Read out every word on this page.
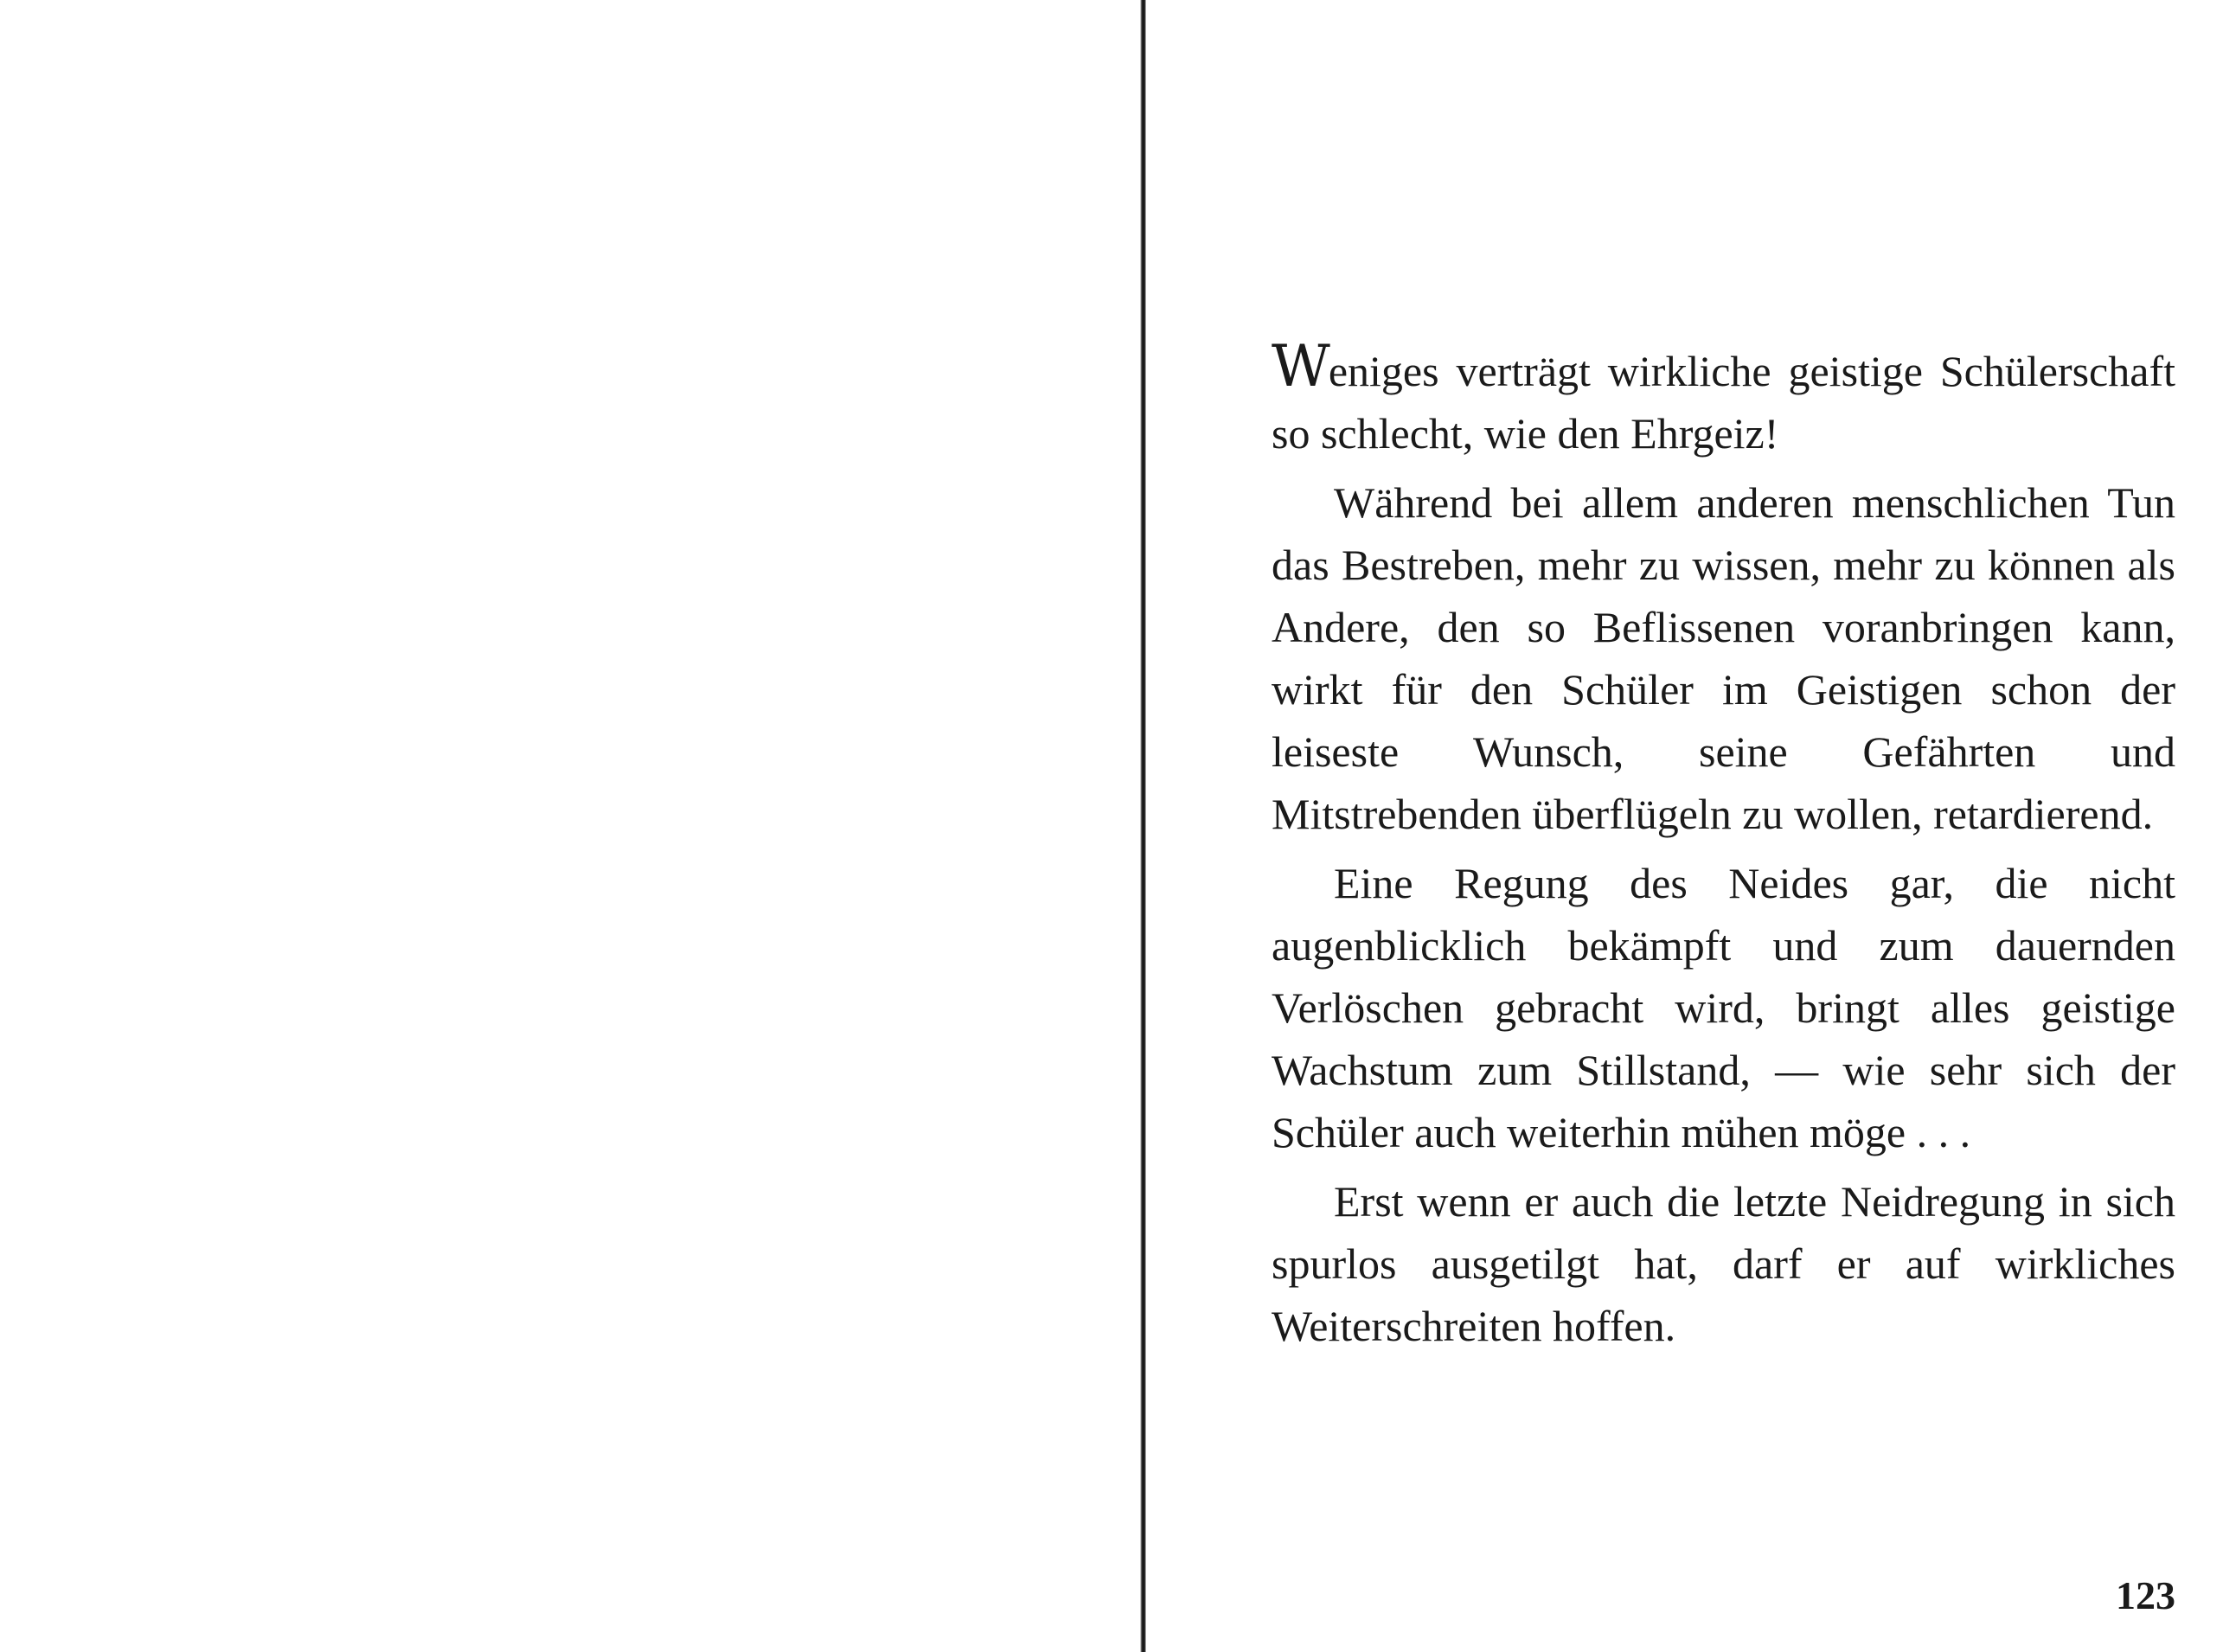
Weniges verträgt wirkliche geistige Schülerschaft so schlecht, wie den Ehrgeiz!

Während bei allem anderen menschlichen Tun das Bestreben, mehr zu wissen, mehr zu können als Andere, den so Beflissenen voranbringen kann, wirkt für den Schüler im Geistigen schon der leiseste Wunsch, seine Gefährten und Mitstrebenden überflügeln zu wollen, retardierend.

Eine Regung des Neides gar, die nicht augenblicklich bekämpft und zum dauernden Verlöschen gebracht wird, bringt alles geistige Wachstum zum Stillstand, — wie sehr sich der Schüler auch weiterhin mühen möge . . .

Erst wenn er auch die letzte Neidregung in sich spurlos ausgetilgt hat, darf er auf wirkliches Weiterschreiten hoffen.

123
